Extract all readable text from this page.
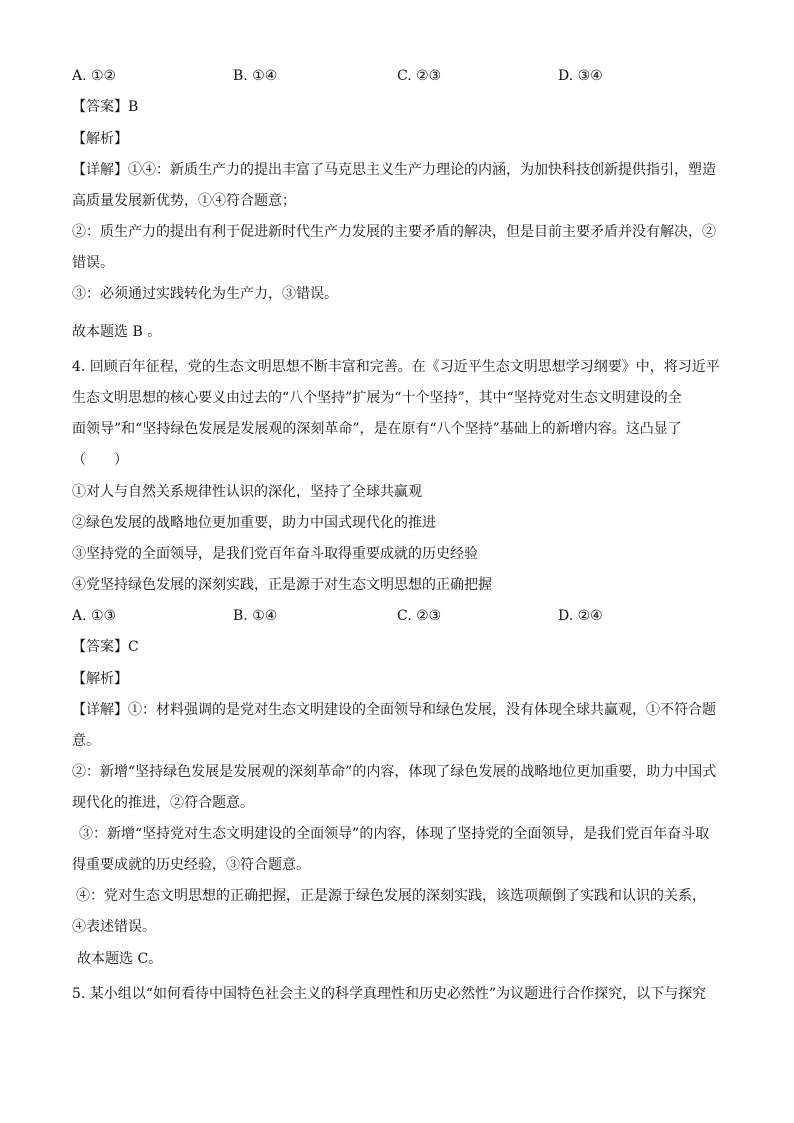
A. ①②	B. ①④	C. ②③	D. ③④
【答案】B
【解析】
【详解】①④：新质生产力的提出丰富了马克思主义生产力理论的内涵，为加快科技创新提供指引，塑造
高质量发展新优势，①④符合题意；
②：质生产力的提出有利于促进新时代生产力发展的主要矛盾的解决，但是目前主要矛盾并没有解决，②
错误。
③：必须通过实践转化为生产力，③错误。
故本题选 B 。
4. 回顾百年征程，党的生态文明思想不断丰富和完善。在《习近平生态文明思想学习纲要》中，将习近平
生态文明思想的核心要义由过去的“八个坚持”扩展为“十个坚持”，其中“坚持党对生态文明建设的全
面领导”和“坚持绿色发展是发展观的深刻革命”，是在原有“八个坚持”基础上的新增内容。这凸显了
（　　）
①对人与自然关系规律性认识的深化，坚持了全球共赢观
②绿色发展的战略地位更加重要，助力中国式现代化的推进
③坚持党的全面领导，是我们党百年奋斗取得重要成就的历史经验
④党坚持绿色发展的深刻实践，正是源于对生态文明思想的正确把握
A. ①③	B. ①④	C. ②③	D. ②④
【答案】C
【解析】
【详解】①：材料强调的是党对生态文明建设的全面领导和绿色发展，没有体现全球共赢观，①不符合题
意。
②：新增“坚持绿色发展是发展观的深刻革命”的内容，体现了绿色发展的战略地位更加重要，助力中国式
现代化的推进，②符合题意。
③：新增“坚持党对生态文明建设的全面领导”的内容，体现了坚持党的全面领导，是我们党百年奋斗取
得重要成就的历史经验，③符合题意。
④：党对生态文明思想的正确把握，正是源于绿色发展的深刻实践，该选项颠倒了实践和认识的关系，
④表述错误。
故本题选 C。
5. 某小组以“如何看待中国特色社会主义的科学真理性和历史必然性”为议题进行合作探究，以下与探究
